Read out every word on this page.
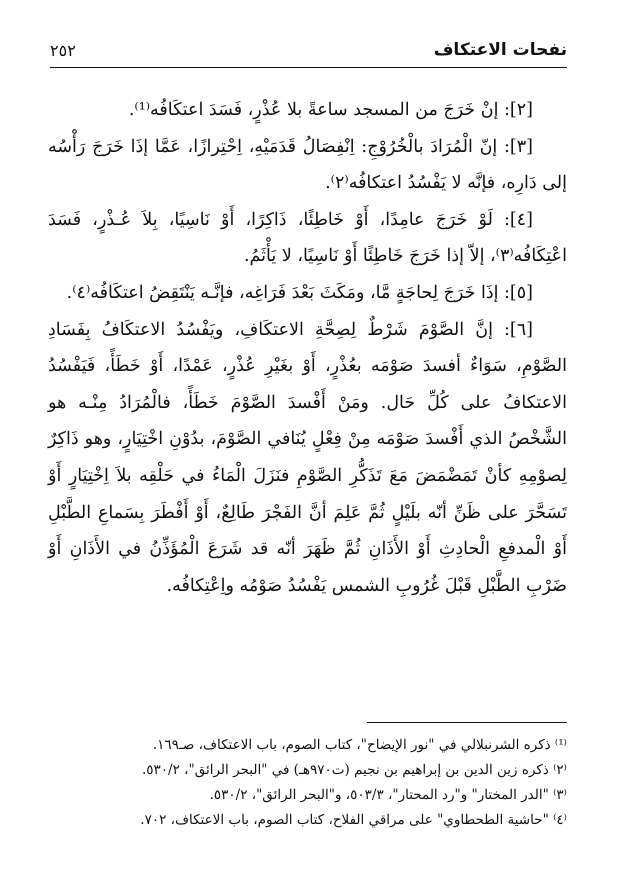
نفحات الاعتكاف
٢٥٢

[٢]: إنْ خَرَجَ من المسجد ساعةً بلا عُذْرٍ، فَسَدَ اعتكَافُه⁽¹⁾.

[٣]: إنّ الْمُرَادَ بالْخُرُوْجِ: اِنْفِصَالُ قَدَمَيْهِ، اِحْتِرازًا، عَمَّا إذَا خَرَجَ رَأْسُه إلى دَارِه، فإنَّه لا يَفْسُدُ اعتكافُه⁽٢⁾.

[٤]: لَوْ خَرَجَ عامِدًا، أَوْ خَاطِئًا، ذَاكِرًا، أَوْ نَاسِيًا، بِلاَ عُـذْرٍ، فَسَدَ اعْتِكَافُه⁽٣⁾، إلاّ إذا خَرَجَ خَاطِئًا أَوْ نَاسِيًا، لا يَأْثَمُ.

[٥]: إذَا خَرَجَ لِحاجَةٍ مَّا، ومَكَثَ بَعْدَ فَرَاغِه، فإنَّـه يَنْتَقِضُ اعتكَافُه⁽٤⁾.

[٦]: إنَّ الصَّوْمَ شَرْطٌ لِصِحَّةِ الاعتكَافِ، ويَفْسُدُ الاعتكَافُ بِفَسَادِ الصَّوْمِ، سَوَاءٌ أفسدَ صَوْمَه بعُذْرٍ، أَوْ بغَيْرِ عُذْرٍ، عَمْدًا، أَوْ خَطَأً، فَيَفْسُدُ الاعتكافُ على كُلِّ حَال. ومَنْ أَفْسدَ الصَّوْمَ خَطَأً، فالْمُرَادُ مِنْـه هو الشَّخْصُ الذي أَفْسدَ صَوْمَه مِنْ فِعْلٍ يُنَافي الصَّوْمَ، بدُوْنِ اخْتِيَارٍ، وهو ذَاكِرٌ لِصوْمِهِ كأنْ تَمَضْمَضَ مَعَ تَذَكُّرِ الصَّوْمِ فنَزَلَ الْمَاءُ في حَلْقِه بلاَ اِخْتِيَارٍ أَوْ تَسَحَّرَ على ظَنِّ أنّه بلَيْلٍ ثُمَّ عَلِمَ أنَّ الفَجْرَ طَالِعٌ، أَوْ أَفْطَرَ بِسَماعِ الطَّبْلِ أَوْ الْمدفعِ الْحادِثِ أَوْ الأَذَانِ ثُمَّ ظَهَرَ أنّه قد شَرَعَ الْمُؤَذِّنُ في الأَذَانِ أَوْ ضَرْبِ الطَّبْلِ قَبْلَ غُرُوبِ الشمس يَفْسُدُ صَوْمُه واِعْتِكافُه.

⁽¹⁾ ذكره الشرنبلالي في "نور الإيضاح"، كتاب الصوم، باب الاعتكاف، صـ١٦٩.

⁽٢⁾ ذكره زين الدين بن إبراهيم بن نجيم (ت٩٧٠هـ) في "البحر الرائق"، ٥٣٠/٢.

⁽٣⁾ "الدر المختار" و"رد المحتار"، ٥٠٣/٣، و"البحر الرائق"، ٥٣٠/٢.

⁽٤⁾ "حاشية الطحطاوي" على مراقي الفلاح، كتاب الصوم، باب الاعتكاف، ٧٠٢.
